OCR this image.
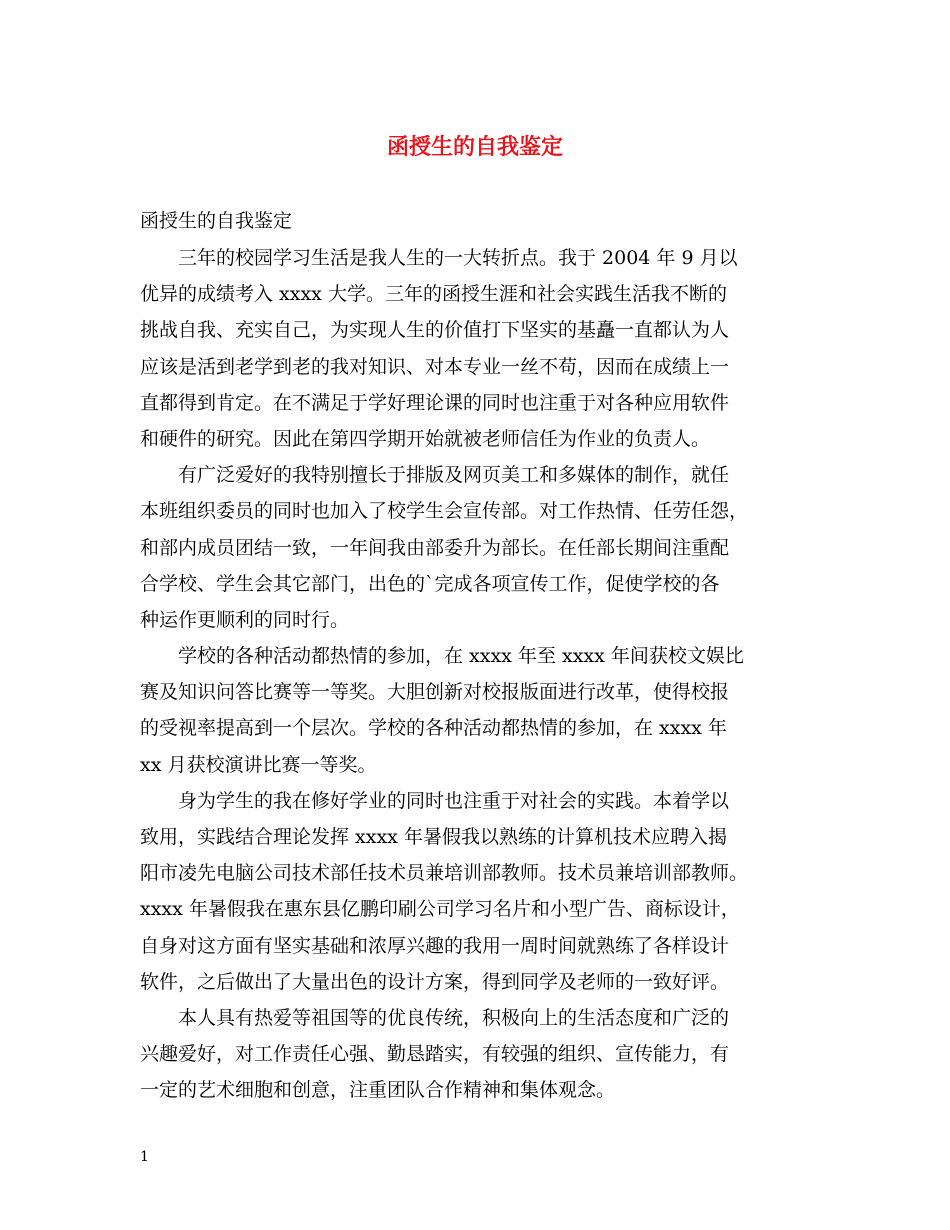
函授生的自我鉴定
函授生的自我鉴定
三年的校园学习生活是我人生的一大转折点。我于 2004 年 9 月以
优异的成绩考入 xxxx 大学。三年的函授生涯和社会实践生活我不断的
挑战自我、充实自己，为实现人生的价值打下坚实的基矗一直都认为人
应该是活到老学到老的我对知识、对本专业一丝不苟，因而在成绩上一
直都得到肯定。在不满足于学好理论课的同时也注重于对各种应用软件
和硬件的研究。因此在第四学期开始就被老师信任为作业的负责人。
有广泛爱好的我特别擅长于排版及网页美工和多媒体的制作，就任
本班组织委员的同时也加入了校学生会宣传部。对工作热情、任劳任怨，
和部内成员团结一致，一年间我由部委升为部长。在任部长期间注重配
合学校、学生会其它部门，出色的`完成各项宣传工作，促使学校的各
种运作更顺利的同时行。
学校的各种活动都热情的参加，在 xxxx 年至 xxxx 年间获校文娱比
赛及知识问答比赛等一等奖。大胆创新对校报版面进行改革，使得校报
的受视率提高到一个层次。学校的各种活动都热情的参加，在 xxxx 年
xx 月获校演讲比赛一等奖。
身为学生的我在修好学业的同时也注重于对社会的实践。本着学以
致用，实践结合理论发挥 xxxx 年暑假我以熟练的计算机技术应聘入揭
阳市凌先电脑公司技术部任技术员兼培训部教师。技术员兼培训部教师。
xxxx 年暑假我在惠东县亿鹏印刷公司学习名片和小型广告、商标设计，
自身对这方面有坚实基础和浓厚兴趣的我用一周时间就熟练了各样设计
软件，之后做出了大量出色的设计方案，得到同学及老师的一致好评。
本人具有热爱等祖国等的优良传统，积极向上的生活态度和广泛的
兴趣爱好，对工作责任心强、勤恳踏实，有较强的组织、宣传能力，有
一定的艺术细胞和创意，注重团队合作精神和集体观念。
1
